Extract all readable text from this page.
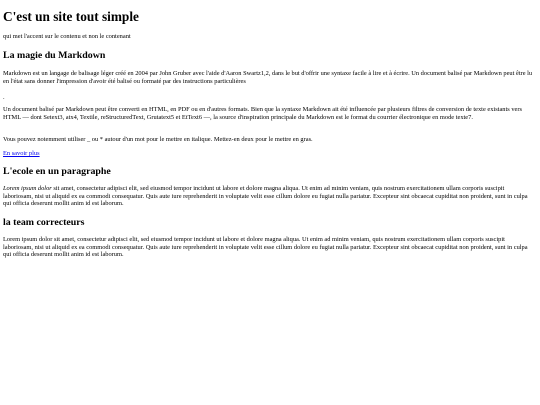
C'est un site tout simple

qui met l'accent sur le contenu et non le contenant

La magie du Markdown

Markdown est un langage de balisage léger créé en 2004 par John Gruber avec l'aide d'Aaron Swartz1,2, dans le but d'offrir une syntaxe facile à lire et à écrire. Un document balisé par Markdown peut être lu en l'état sans donner l'impression d'avoir été balisé ou formaté par des instructions particulières

.

Un document balisé par Markdown peut être converti en HTML, en PDF ou en d'autres formats. Bien que la syntaxe Markdown ait été influencée par plusieurs filtres de conversion de texte existants vers HTML — dont Setext3, atx4, Textile, reStructuredText, Grutatext5 et EtText6 —, la source d'inspiration principale du Markdown est le format du courrier électronique en mode texte7.

Vous pouvez notemment utiliser _ ou * autour d'un mot pour le mettre en italique. Mettez-en deux pour le mettre en gras.

En savoir plus

L'ecole en un paragraphe

Lorem ipsum dolor sit amet, consectetur adipisci elit, sed eiusmod tempor incidunt ut labore et dolore magna aliqua. Ut enim ad minim veniam, quis nostrum exercitationem ullam corporis suscipit laboriosam, nisi ut aliquid ex ea commodi consequatur. Quis aute iure reprehenderit in voluptate velit esse cillum dolore eu fugiat nulla pariatur. Excepteur sint obcaecat cupiditat non proident, sunt in culpa qui officia deserunt mollit anim id est laborum.

la team correcteurs

Lorem ipsum dolor sit amet, consectetur adipisci elit, sed eiusmod tempor incidunt ut labore et dolore magna aliqua. Ut enim ad minim veniam, quis nostrum exercitationem ullam corporis suscipit laboriosam, nisi ut aliquid ex ea commodi consequatur. Quis aute iure reprehenderit in voluptate velit esse cillum dolore eu fugiat nulla pariatur. Excepteur sint obcaecat cupiditat non proident, sunt in culpa qui officia deserunt mollit anim id est laborum.
